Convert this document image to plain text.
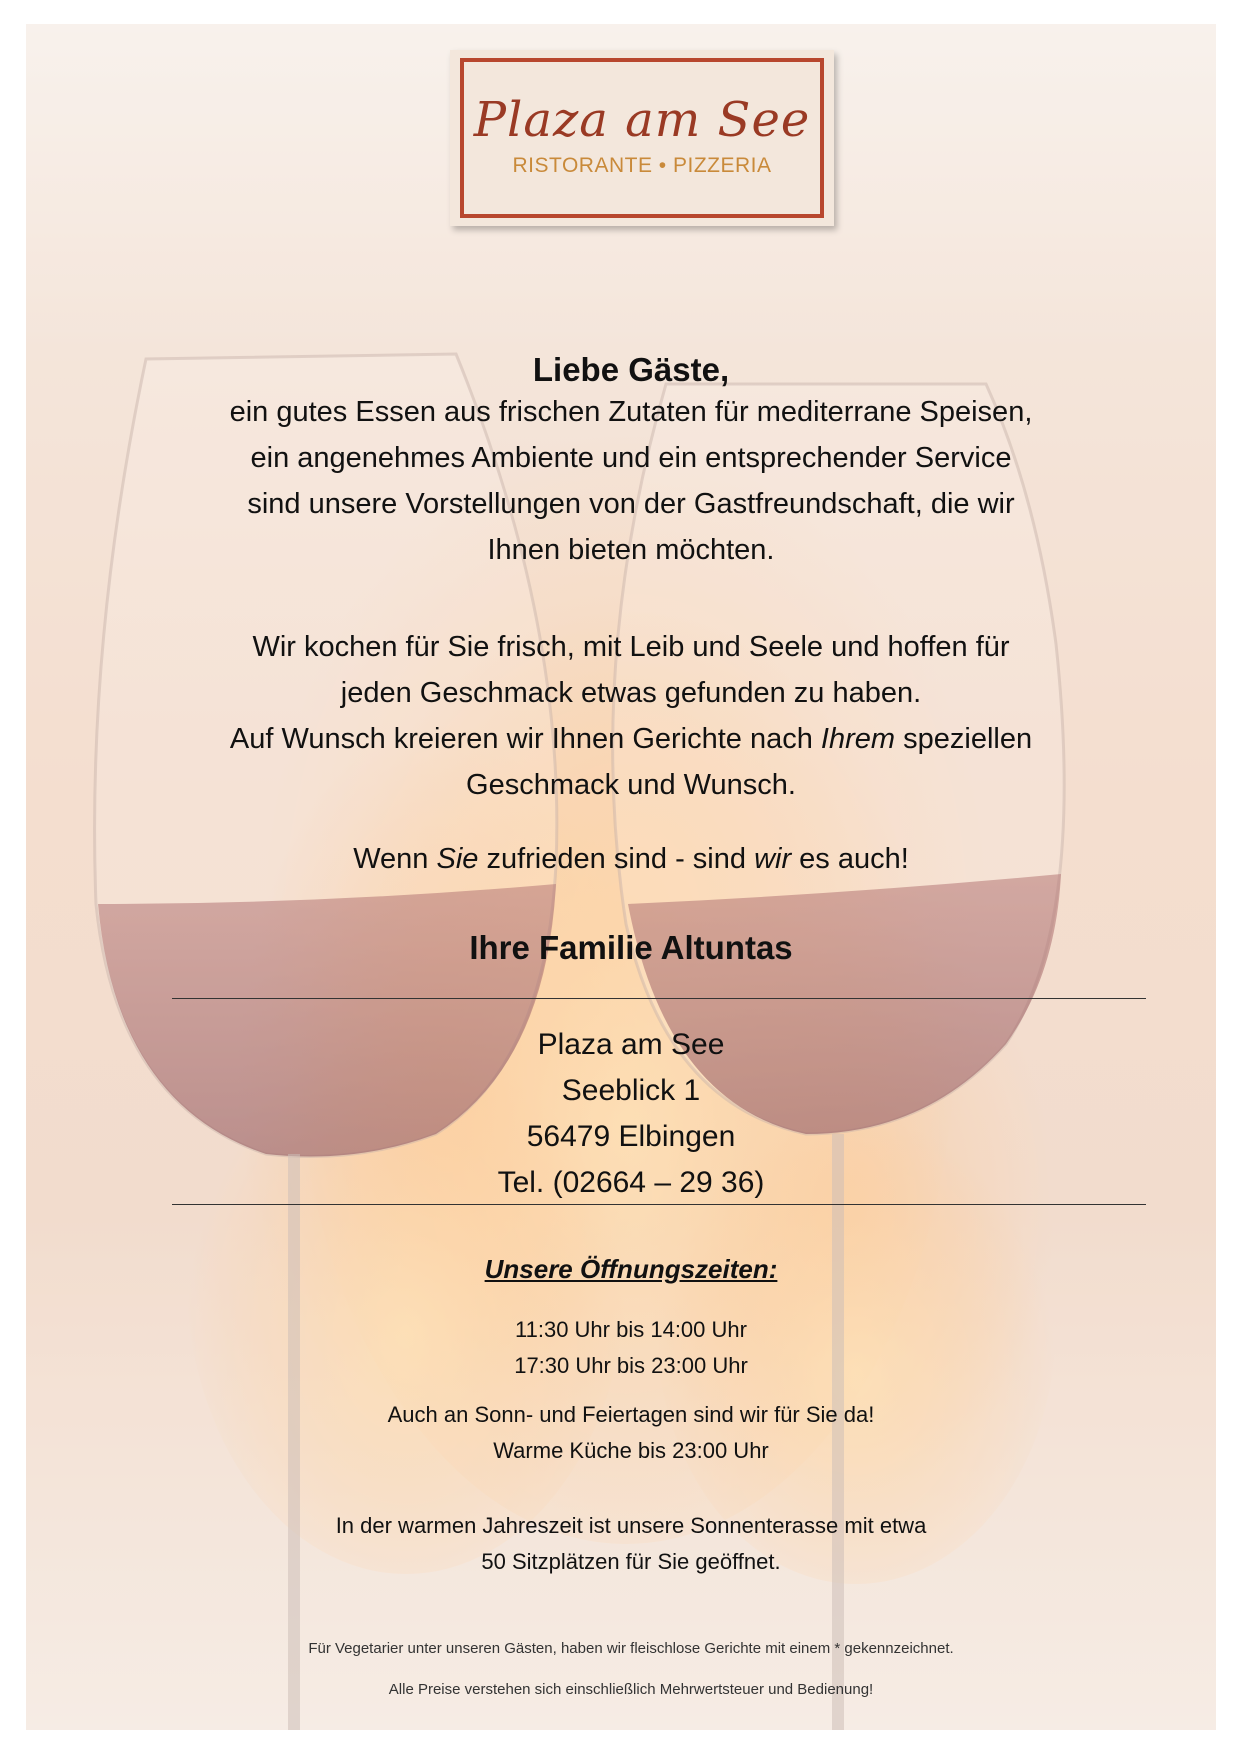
Plaza am See
RISTORANTE • PIZZERIA
Liebe Gäste,
ein gutes Essen aus frischen Zutaten für mediterrane Speisen,
ein angenehmes Ambiente und ein entsprechender Service
sind unsere Vorstellungen von der Gastfreundschaft, die wir
Ihnen bieten möchten.
Wir kochen für Sie frisch, mit Leib und Seele und hoffen für
jeden Geschmack etwas gefunden zu haben.
Auf Wunsch kreieren wir Ihnen Gerichte nach Ihrem speziellen
Geschmack und Wunsch.
Wenn Sie zufrieden sind - sind wir es auch!
Ihre Familie Altuntas
Plaza am See
Seeblick 1
56479 Elbingen
Tel. (02664 – 29 36)
Unsere Öffnungszeiten:
11:30 Uhr bis 14:00 Uhr
17:30 Uhr bis 23:00 Uhr
Auch an Sonn- und Feiertagen sind wir für Sie da!
Warme Küche bis 23:00 Uhr
In der warmen Jahreszeit ist unsere Sonnenterasse mit etwa
50 Sitzplätzen für Sie geöffnet.
Für Vegetarier unter unseren Gästen, haben wir fleischlose Gerichte mit einem * gekennzeichnet.
Alle Preise verstehen sich einschließlich Mehrwertsteuer und Bedienung!
